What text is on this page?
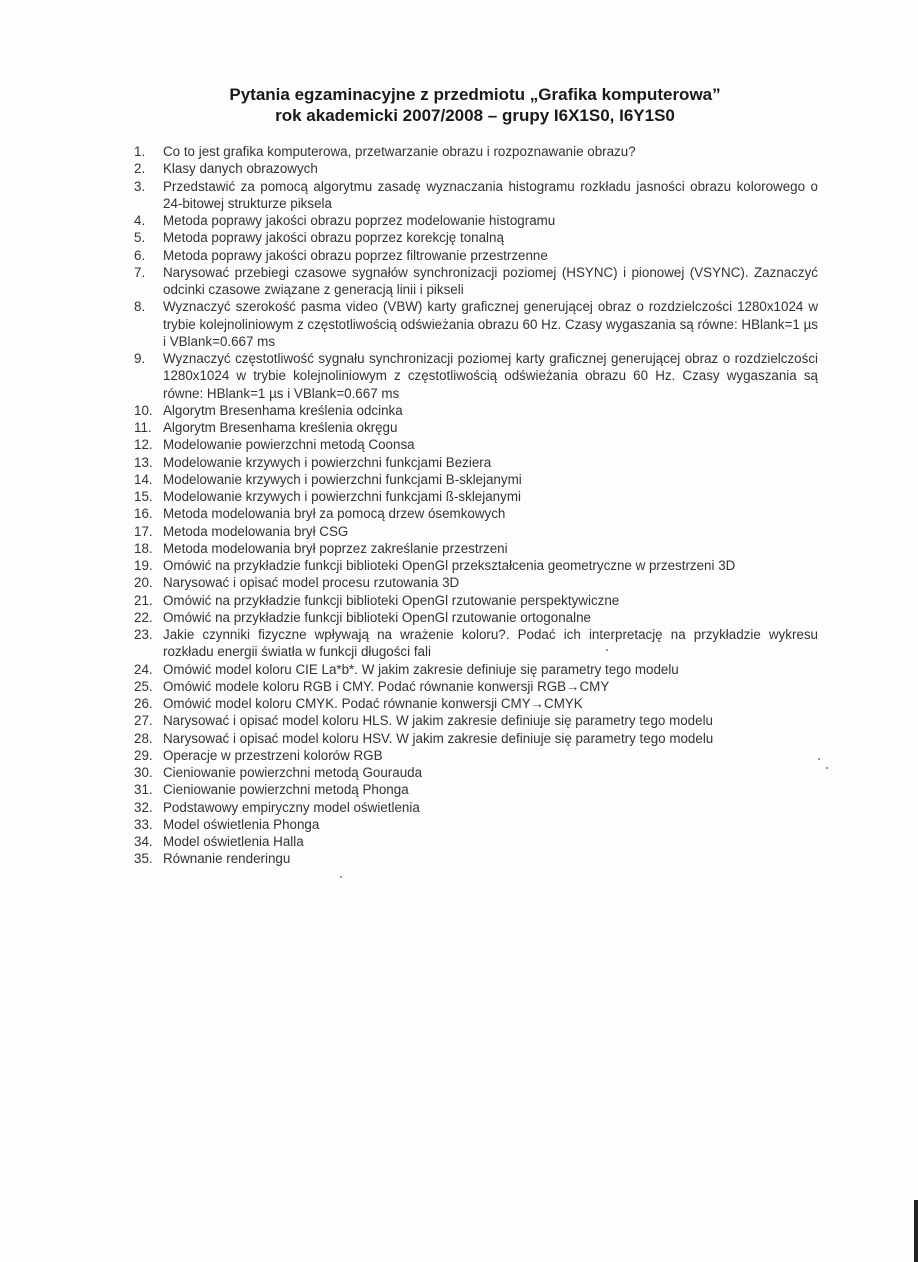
Pytania egzaminacyjne z przedmiotu „Grafika komputerowa”
rok akademicki 2007/2008 – grupy I6X1S0, I6Y1S0
1. Co to jest grafika komputerowa, przetwarzanie obrazu i rozpoznawanie obrazu?
2. Klasy danych obrazowych
3. Przedstawić za pomocą algorytmu zasadę wyznaczania histogramu rozkładu jasności obrazu kolorowego o 24-bitowej strukturze piksela
4. Metoda poprawy jakości obrazu poprzez modelowanie histogramu
5. Metoda poprawy jakości obrazu poprzez korekcję tonalną
6. Metoda poprawy jakości obrazu poprzez filtrowanie przestrzenne
7. Narysować przebiegi czasowe sygnałów synchronizacji poziomej (HSYNC) i pionowej (VSYNC). Zaznaczyć odcinki czasowe związane z generacją linii i pikseli
8. Wyznaczyć szerokość pasma video (VBW) karty graficznej generującej obraz o rozdzielczości 1280x1024 w trybie kolejnoliniowym z częstotliwością odświeżania obrazu 60 Hz. Czasy wygaszania są równe: HBlank=1 µs i VBlank=0.667 ms
9. Wyznaczyć częstotliwość sygnału synchronizacji poziomej karty graficznej generującej obraz o rozdzielczości 1280x1024 w trybie kolejnoliniowym z częstotliwością odświeżania obrazu 60 Hz. Czasy wygaszania są równe: HBlank=1 µs i VBlank=0.667 ms
10. Algorytm Bresenhama kreślenia odcinka
11. Algorytm Bresenhama kreślenia okręgu
12. Modelowanie powierzchni metodą Coonsa
13. Modelowanie krzywych i powierzchni funkcjami Beziera
14. Modelowanie krzywych i powierzchni funkcjami B-sklejanymi
15. Modelowanie krzywych i powierzchni funkcjami ß-sklejanymi
16. Metoda modelowania brył za pomocą drzew ósemkowych
17. Metoda modelowania brył CSG
18. Metoda modelowania brył poprzez zakreślanie przestrzeni
19. Omówić na przykładzie funkcji biblioteki OpenGl przekształcenia geometryczne w przestrzeni 3D
20. Narysować i opisać model procesu rzutowania 3D
21. Omówić na przykładzie funkcji biblioteki OpenGl rzutowanie perspektywiczne
22. Omówić na przykładzie funkcji biblioteki OpenGl rzutowanie ortogonalne
23. Jakie czynniki fizyczne wpływają na wrażenie koloru?. Podać ich interpretację na przykładzie wykresu rozkładu energii światła w funkcji długości fali
24. Omówić model koloru CIE La*b*. W jakim zakresie definiuje się parametry tego modelu
25. Omówić modele koloru RGB i CMY. Podać równanie konwersji RGB→CMY
26. Omówić model koloru CMYK. Podać równanie konwersji CMY→CMYK
27. Narysować i opisać model koloru HLS. W jakim zakresie definiuje się parametry tego modelu
28. Narysować i opisać model koloru HSV. W jakim zakresie definiuje się parametry tego modelu
29. Operacje w przestrzeni kolorów RGB
30. Cieniowanie powierzchni metodą Gourauda
31. Cieniowanie powierzchni metodą Phonga
32. Podstawowy empiryczny model oświetlenia
33. Model oświetlenia Phonga
34. Model oświetlenia Halla
35. Równanie renderingu
